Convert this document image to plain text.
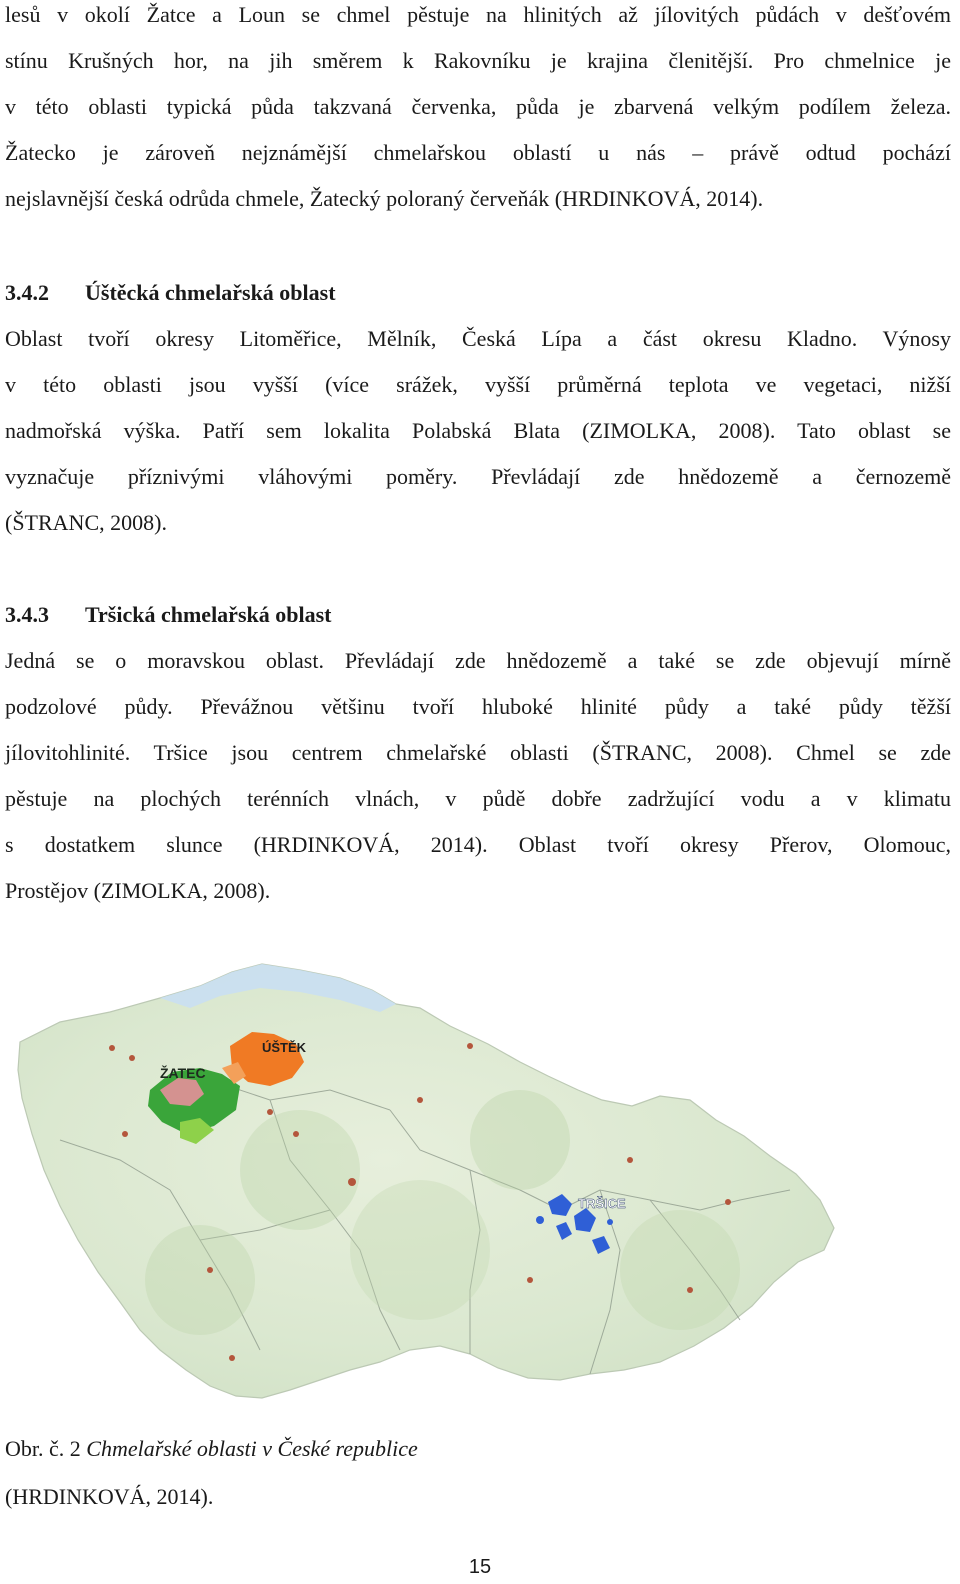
lesů v okolí Žatce a Loun se chmel pěstuje na hlinitých až jílovitých půdách v dešťovém
stínu Krušných hor, na jih směrem k Rakovníku je krajina členitější. Pro chmelnice je
v této oblasti typická půda takzvaná červenka, půda je zbarvená velkým podílem železa.
Žatecko je zároveň nejznámější chmelařskou oblastí u nás – právě odtud pochází
nejslavnější česká odrůda chmele, Žatecký poloraný červeňák (HRDINKOVÁ, 2014).
3.4.2 Úštěcká chmelařská oblast
Oblast tvoří okresy Litoměřice, Mělník, Česká Lípa a část okresu Kladno. Výnosy
v této oblasti jsou vyšší (více srážek, vyšší průměrná teplota ve vegetaci, nižší
nadmořská výška. Patří sem lokalita Polabská Blata (ZIMOLKA, 2008). Tato oblast se
vyznačuje příznivými vláhovými poměry. Převládají zde hnědozemě a černozemě
(ŠTRANC, 2008).
3.4.3 Tršická chmelařská oblast
Jedná se o moravskou oblast. Převládají zde hnědozemě a také se zde objevují mírně
podzolové půdy. Převážnou většinu tvoří hluboké hlinité půdy a také půdy těžší
jílovitohlinité. Tršice jsou centrem chmelařské oblasti (ŠTRANC, 2008). Chmel se zde
pěstuje na plochých terénních vlnách, v půdě dobře zadržující vodu a v klimatu
s dostatkem slunce (HRDINKOVÁ, 2014). Oblast tvoří okresy Přerov, Olomouc,
Prostějov (ZIMOLKA, 2008).
ŽATEC
ÚŠTĚK
TRŠICE
Obr. č. 2 Chmelařské oblasti v České republice
(HRDINKOVÁ, 2014).
15
